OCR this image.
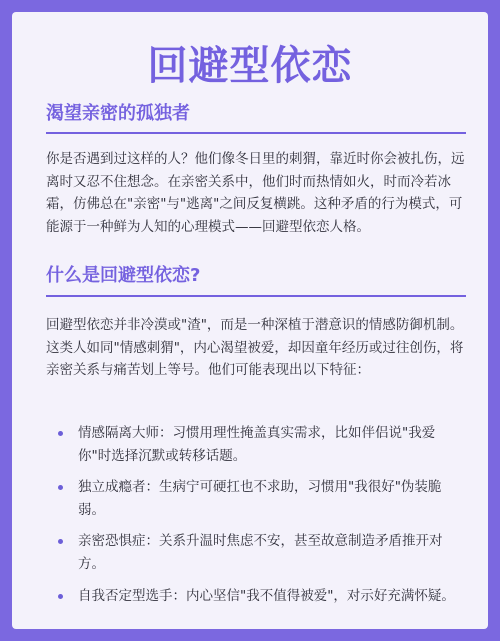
回避型依恋
渴望亲密的孤独者
你是否遇到过这样的人？他们像冬日里的刺猬，靠近时你会被扎伤，远离时又忍不住想念。在亲密关系中，他们时而热情如火，时而冷若冰霜，仿佛总在"亲密"与"逃离"之间反复横跳。这种矛盾的行为模式，可能源于一种鲜为人知的心理模式——回避型依恋人格。
什么是回避型依恋?
回避型依恋并非冷漠或"渣"，而是一种深植于潜意识的情感防御机制。这类人如同"情感刺猬"，内心渴望被爱，却因童年经历或过往创伤，将亲密关系与痛苦划上等号。他们可能表现出以下特征：
情感隔离大师：习惯用理性掩盖真实需求，比如伴侣说"我爱你"时选择沉默或转移话题。
独立成瘾者：生病宁可硬扛也不求助，习惯用"我很好"伪装脆弱。
亲密恐惧症：关系升温时焦虑不安，甚至故意制造矛盾推开对方。
自我否定型选手：内心坚信"我不值得被爱"，对示好充满怀疑。
